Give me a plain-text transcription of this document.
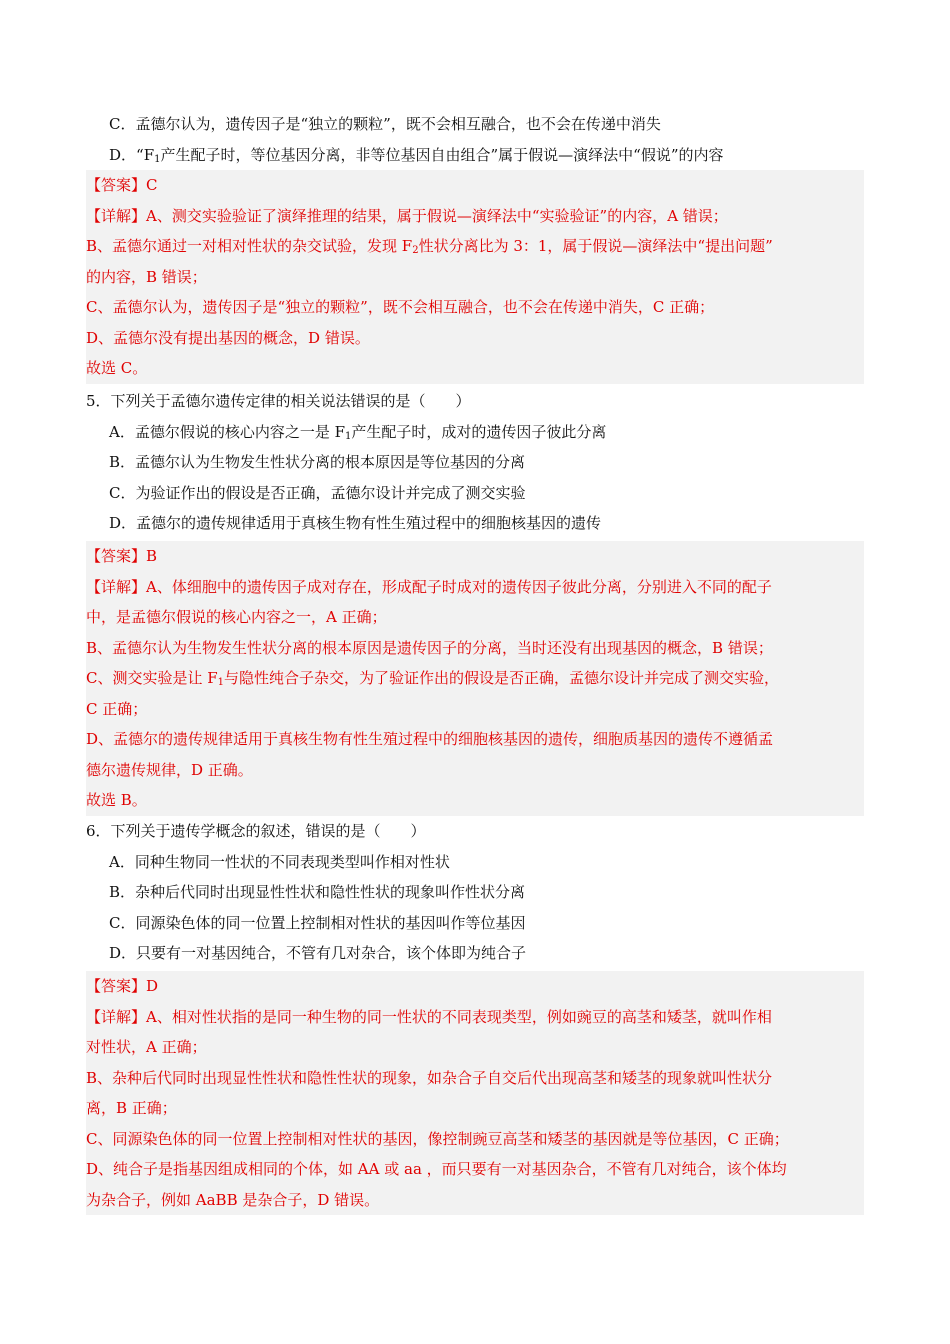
C．孟德尔认为，遗传因子是“独立的颗粒”，既不会相互融合，也不会在传递中消失
D．“$F_1$产生配子时，等位基因分离，非等位基因自由组合”属于假说—演绎法中“假说”的内容
【答案】C
【详解】A、测交实验验证了演绎推理的结果，属于假说—演绎法中“实验验证”的内容，A 错误；
B、孟德尔通过一对相对性状的杂交试验，发现 $F_2$性状分离比为 3：1，属于假说—演绎法中“提出问题”
的内容，B 错误；
C、孟德尔认为，遗传因子是“独立的颗粒”，既不会相互融合，也不会在传递中消失，C 正确；
D、孟德尔没有提出基因的概念，D 错误。
故选 C。
5．下列关于孟德尔遗传定律的相关说法错误的是（　　）
A．孟德尔假说的核心内容之一是 $F_1$产生配子时，成对的遗传因子彼此分离
B．孟德尔认为生物发生性状分离的根本原因是等位基因的分离
C．为验证作出的假设是否正确，孟德尔设计并完成了测交实验
D．孟德尔的遗传规律适用于真核生物有性生殖过程中的细胞核基因的遗传
【答案】B
【详解】A、体细胞中的遗传因子成对存在，形成配子时成对的遗传因子彼此分离，分别进入不同的配子
中，是孟德尔假说的核心内容之一，A 正确；
B、孟德尔认为生物发生性状分离的根本原因是遗传因子的分离，当时还没有出现基因的概念，B 错误；
C、测交实验是让 $F_1$与隐性纯合子杂交，为了验证作出的假设是否正确，孟德尔设计并完成了测交实验，
C 正确；
D、孟德尔的遗传规律适用于真核生物有性生殖过程中的细胞核基因的遗传，细胞质基因的遗传不遵循孟
德尔遗传规律，D 正确。
故选 B。
6．下列关于遗传学概念的叙述，错误的是（　　）
A．同种生物同一性状的不同表现类型叫作相对性状
B．杂种后代同时出现显性性状和隐性性状的现象叫作性状分离
C．同源染色体的同一位置上控制相对性状的基因叫作等位基因
D．只要有一对基因纯合，不管有几对杂合，该个体即为纯合子
【答案】D
【详解】A、相对性状指的是同一种生物的同一性状的不同表现类型，例如豌豆的高茎和矮茎，就叫作相
对性状，A 正确；
B、杂种后代同时出现显性性状和隐性性状的现象，如杂合子自交后代出现高茎和矮茎的现象就叫性状分
离，B 正确；
C、同源染色体的同一位置上控制相对性状的基因，像控制豌豆高茎和矮茎的基因就是等位基因，C 正确；
D、纯合子是指基因组成相同的个体，如 AA 或 aa ，而只要有一对基因杂合，不管有几对纯合，该个体均
为杂合子，例如 AaBB 是杂合子，D 错误。
